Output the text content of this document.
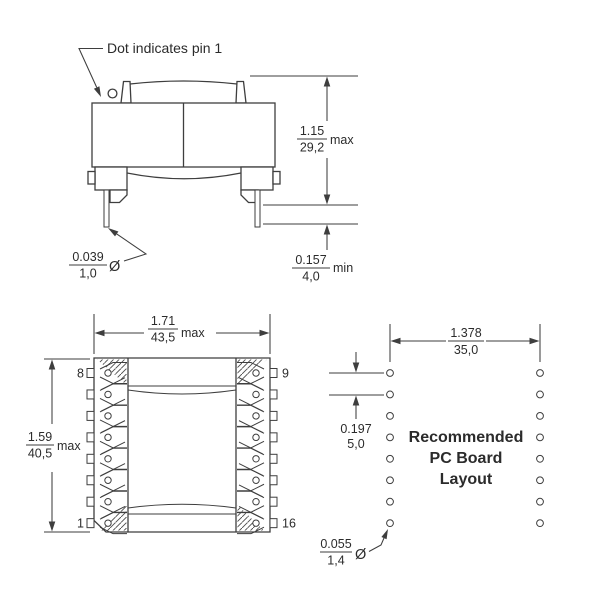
Dot indicates pin 1
1.15
29,2
max
0.157
4,0
min
0.039
1,0 Ø
8	9
1	16
1.71
43,5 max
1.59
40,5
max	Recommended
PC Board
Layout
1.378
35,0
0.197
5,0
0.055
1,4 Ø
